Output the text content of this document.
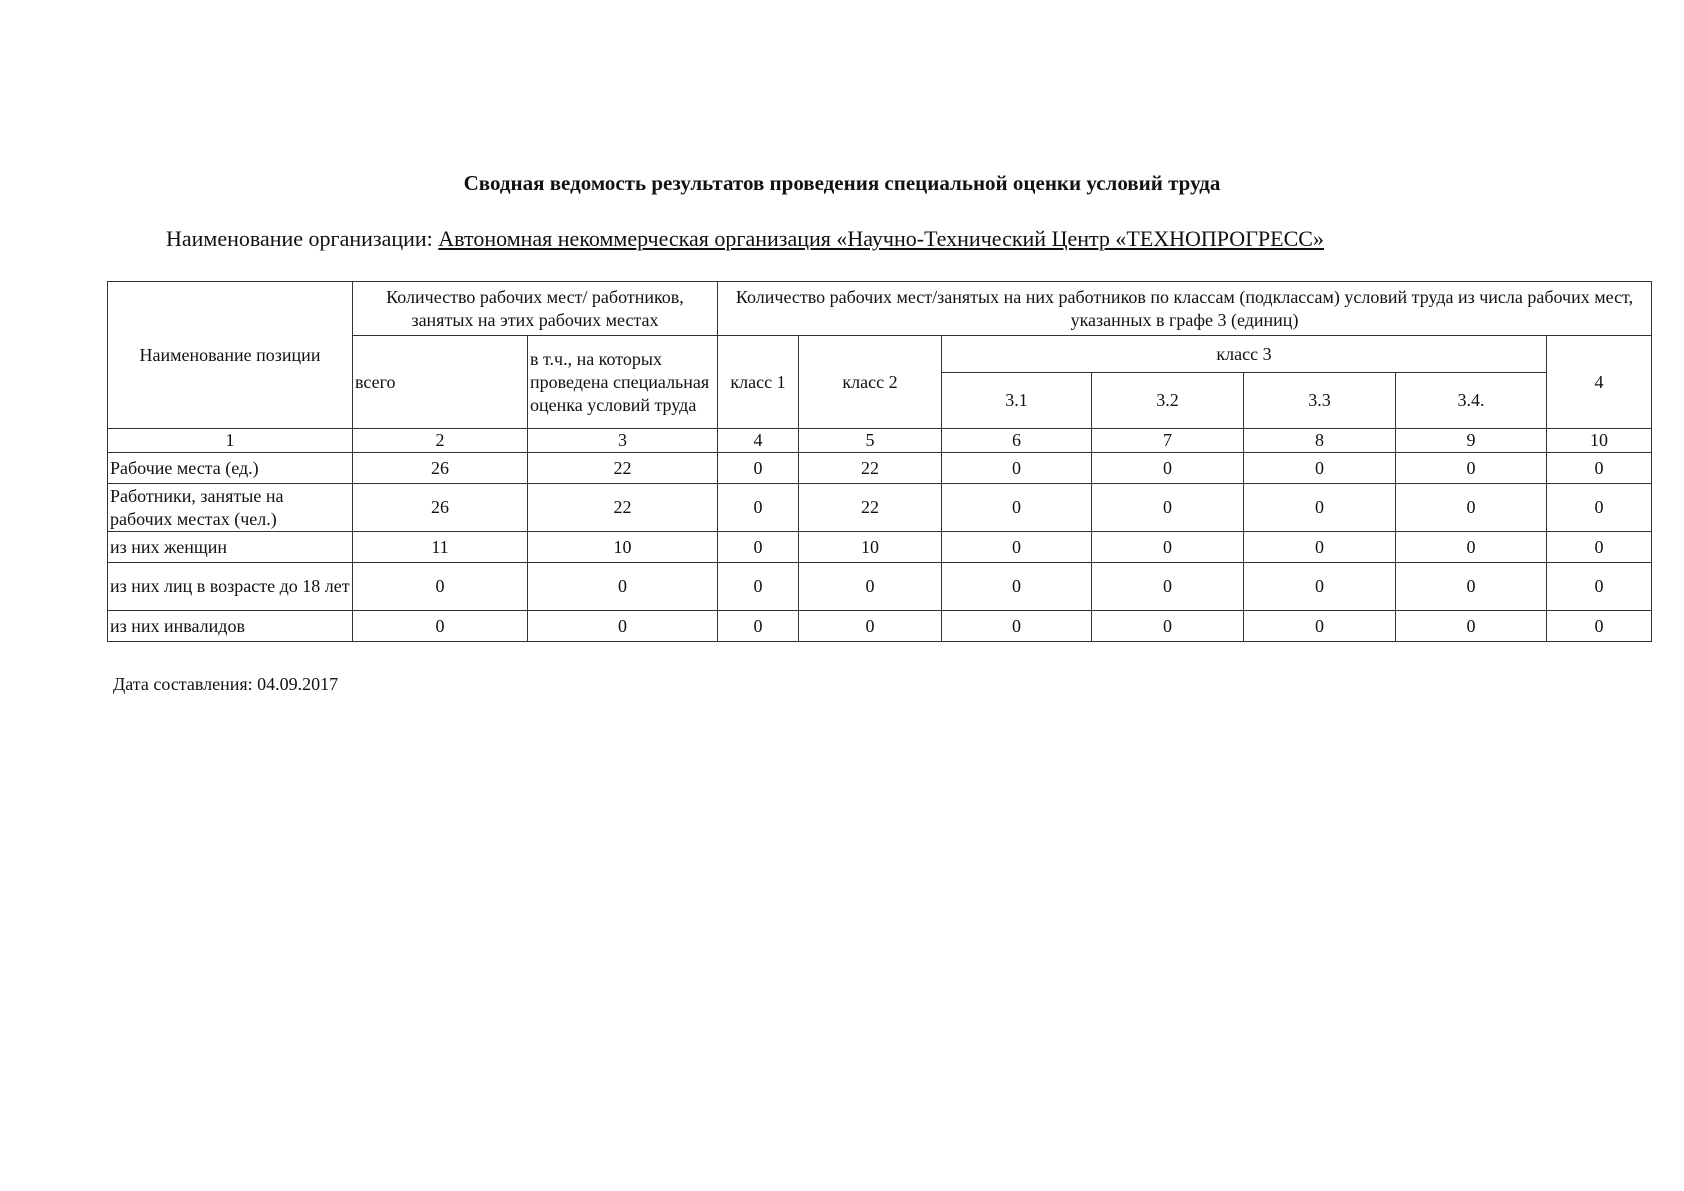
Сводная ведомость результатов проведения специальной оценки условий труда
Наименование организации: Автономная некоммерческая организация «Научно-Технический Центр «ТЕХНОПРОГРЕСС»
Наименование позиции	Количество рабочих мест/ работников, занятых на этих рабочих местах		Количество рабочих мест/занятых на них работников по классам (подклассам) условий труда из числа рабочих мест, указанных в графе 3 (единиц)						
	всего	в т.ч., на которых проведена специальная оценка условий труда	класс 1	класс 2	класс 3				4
					3.1	3.2	3.3	3.4.	
1	2	3	4	5	6	7	8	9	10
Рабочие места (ед.)	26	22	0	22	0	0	0	0	0
Работники, занятые на рабочих местах (чел.)	26	22	0	22	0	0	0	0	0
из них женщин	11	10	0	10	0	0	0	0	0
из них лиц в возрасте до 18 лет	0	0	0	0	0	0	0	0	0
из них инвалидов	0	0	0	0	0	0	0	0	0
Дата составления: 04.09.2017
